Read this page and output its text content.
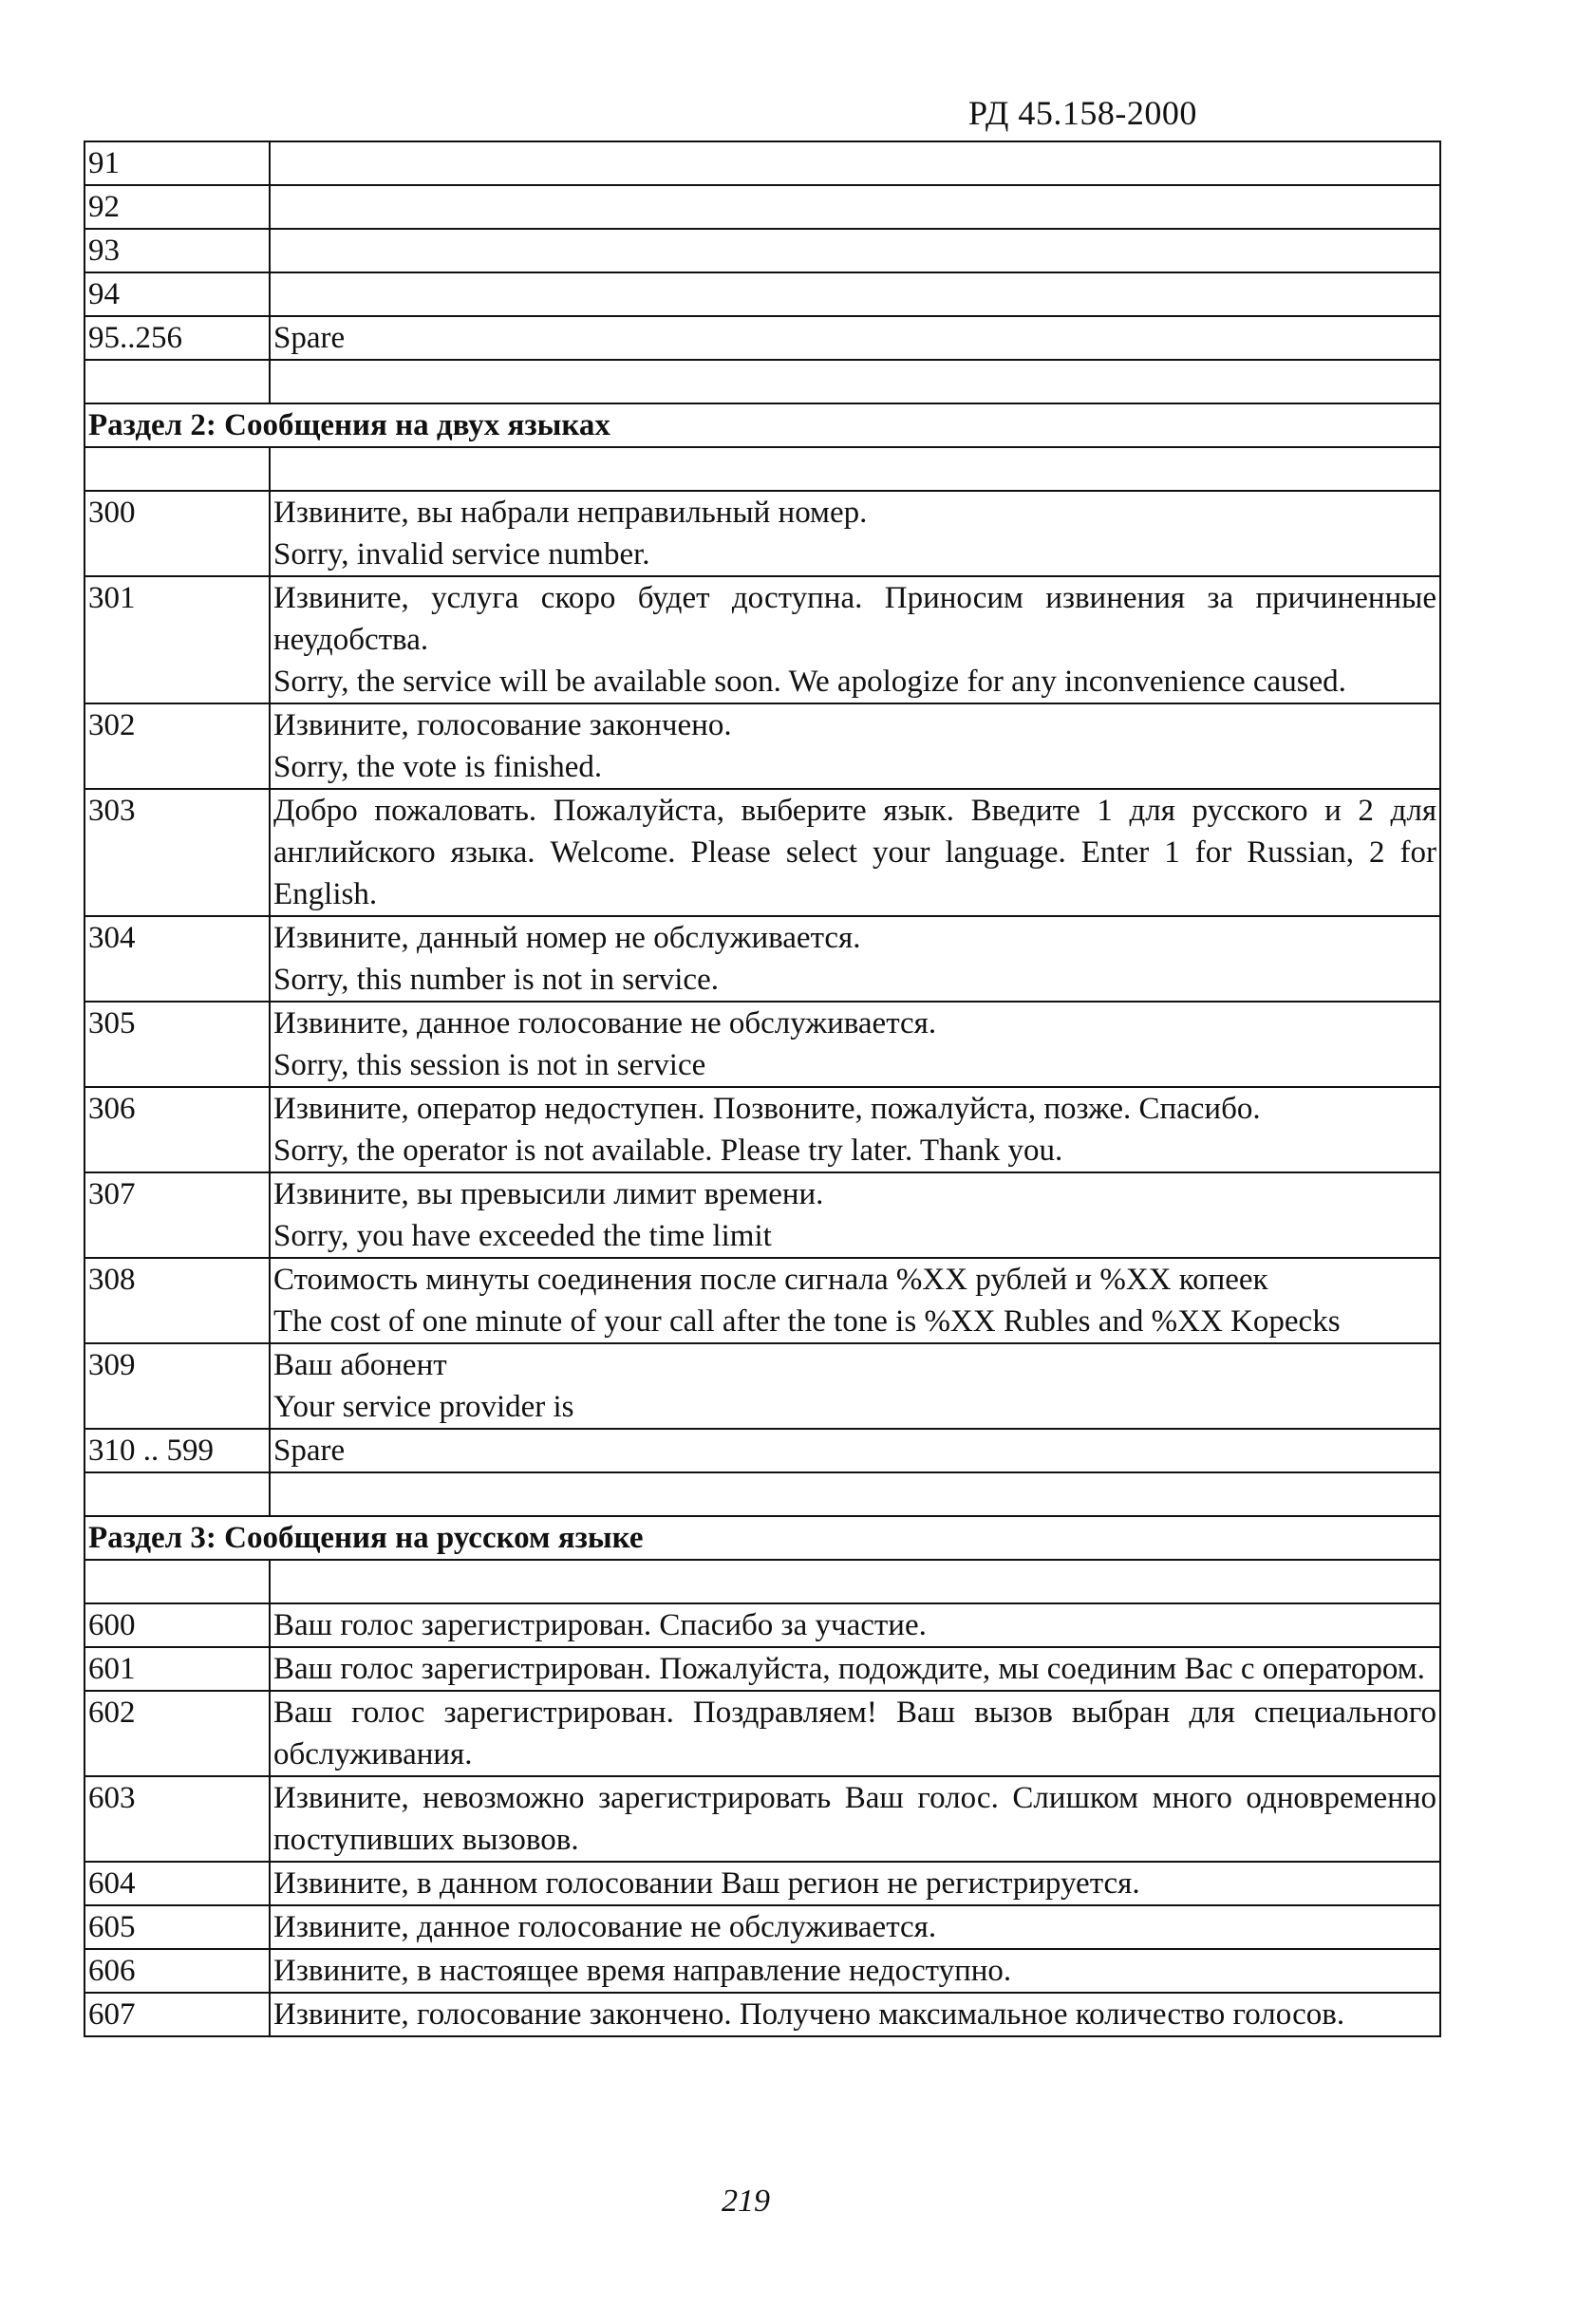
РД 45.158-2000
91	
92	
93	
94	
95..256	Spare

Раздел 2: Сообщения на двух языках	

300	Извините, вы набрали неправильный номер.
Sorry, invalid service number.

301	Извините, услуга скоро будет доступна. Приносим извинения за причиненные неудобства.
Sorry, the service will be available soon. We apologize for any inconvenience caused.

302	Извините, голосование закончено.
Sorry, the vote is finished.

303	Добро пожаловать. Пожалуйста, выберите язык. Введите 1 для русского и 2 для английского языка. Welcome. Please select your language. Enter 1 for Russian, 2 for English.

304	Извините, данный номер не обслуживается.
Sorry, this number is not in service.

305	Извините, данное голосование не обслуживается.
Sorry, this session is not in service

306	Извините, оператор недоступен. Позвоните, пожалуйста, позже. Спасибо.
Sorry, the operator is not available. Please try later. Thank you.

307	Извините, вы превысили лимит времени.
Sorry, you have exceeded the time limit

308	Стоимость минуты соединения после сигнала %XX рублей и %XX копеек
The cost of one minute of your call after the tone is %XX Rubles and %XX Kopecks

309	Ваш абонент
Your service provider is

310 .. 599	Spare

Раздел 3: Сообщения на русском языке	

600	Ваш голос зарегистрирован. Спасибо за участие.

601	Ваш голос зарегистрирован. Пожалуйста, подождите, мы соединим Вас с оператором.

602	Ваш голос зарегистрирован. Поздравляем! Ваш вызов выбран для специального обслуживания.

603	Извините, невозможно зарегистрировать Ваш голос. Слишком много одновременно поступивших вызовов.

604	Извините, в данном голосовании Ваш регион не регистрируется.

605	Извините, данное голосование не обслуживается.

606	Извините, в настоящее время направление недоступно.

607	Извините, голосование закончено. Получено максимальное количество голосов.
219
